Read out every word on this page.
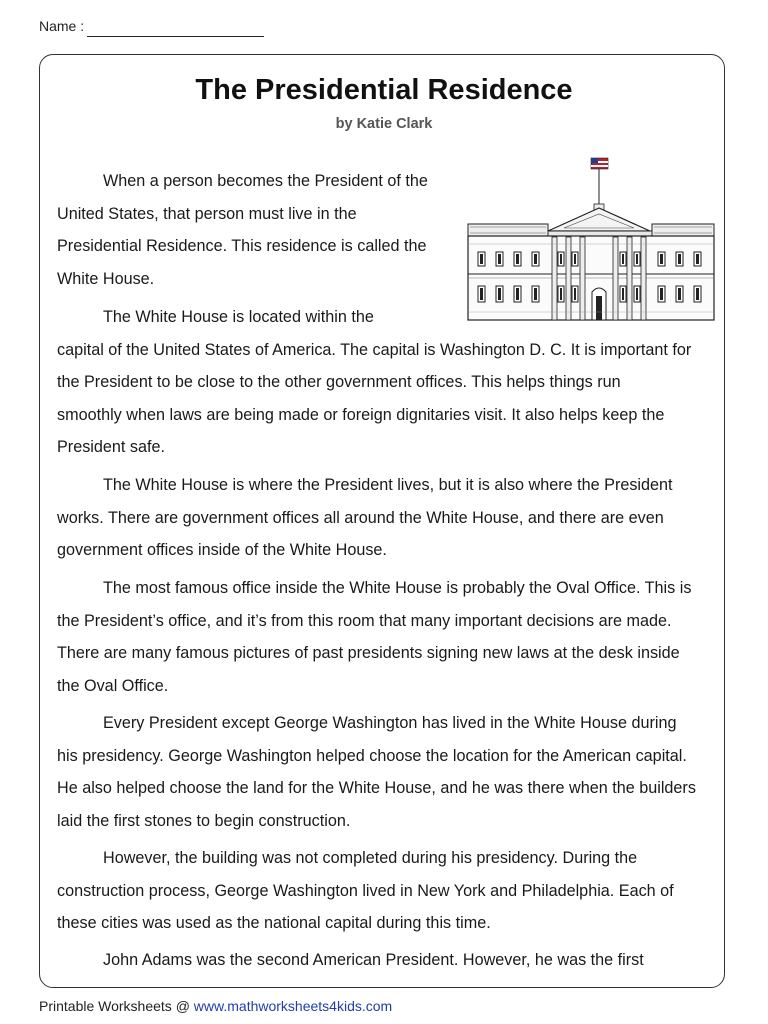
Name :
The Presidential Residence
by Katie Clark
When a person becomes the President of the
United States, that person must live in the
Presidential Residence. This residence is called the
White House.
The White House is located within the
capital of the United States of America. The capital is Washington D. C. It is important for
the President to be close to the other government offices. This helps things run
smoothly when laws are being made or foreign dignitaries visit. It also helps keep the
President safe.
The White House is where the President lives, but it is also where the President
works. There are government offices all around the White House, and there are even
government offices inside of the White House.
The most famous office inside the White House is probably the Oval Office. This is
the President’s office, and it’s from this room that many important decisions are made.
There are many famous pictures of past presidents signing new laws at the desk inside
the Oval Office.
Every President except George Washington has lived in the White House during
his presidency. George Washington helped choose the location for the American capital.
He also helped choose the land for the White House, and he was there when the builders
laid the first stones to begin construction.
However, the building was not completed during his presidency. During the
construction process, George Washington lived in New York and Philadelphia. Each of
these cities was used as the national capital during this time.
John Adams was the second American President. However, he was the first
Printable Worksheets @ www.mathworksheets4kids.com
